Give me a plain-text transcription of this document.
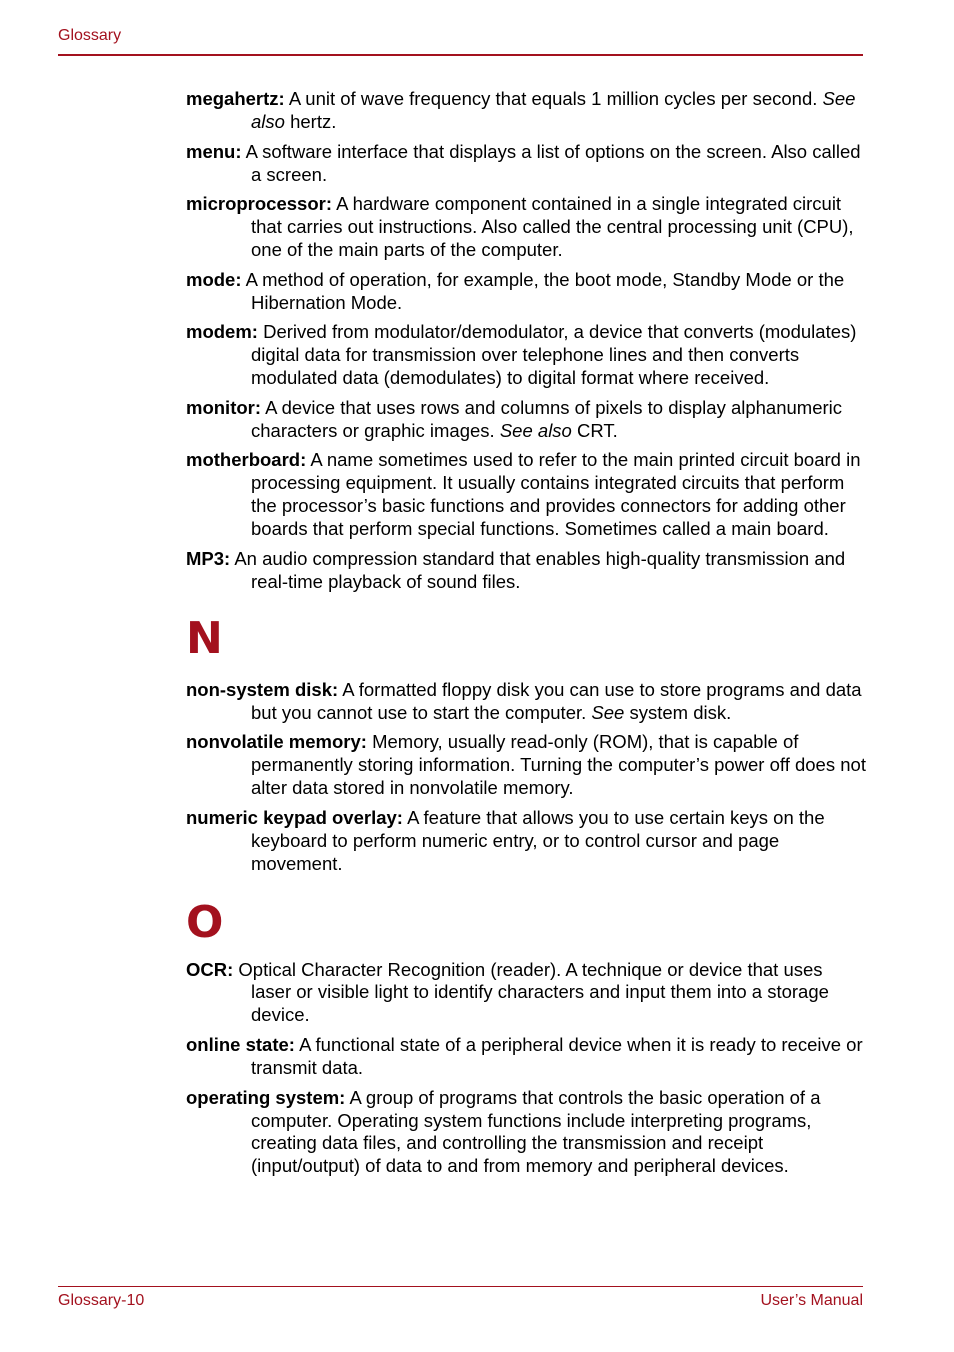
Glossary
megahertz: A unit of wave frequency that equals 1 million cycles per second. See also hertz.
menu: A software interface that displays a list of options on the screen. Also called a screen.
microprocessor: A hardware component contained in a single integrated circuit that carries out instructions. Also called the central processing unit (CPU), one of the main parts of the computer.
mode: A method of operation, for example, the boot mode, Standby Mode or the Hibernation Mode.
modem: Derived from modulator/demodulator, a device that converts (modulates) digital data for transmission over telephone lines and then converts modulated data (demodulates) to digital format where received.
monitor: A device that uses rows and columns of pixels to display alphanumeric characters or graphic images. See also CRT.
motherboard: A name sometimes used to refer to the main printed circuit board in processing equipment. It usually contains integrated circuits that perform the processor’s basic functions and provides connectors for adding other boards that perform special functions. Sometimes called a main board.
MP3: An audio compression standard that enables high-quality transmission and real-time playback of sound files.
N
non-system disk: A formatted floppy disk you can use to store programs and data but you cannot use to start the computer. See system disk.
nonvolatile memory: Memory, usually read-only (ROM), that is capable of permanently storing information. Turning the computer’s power off does not alter data stored in nonvolatile memory.
numeric keypad overlay: A feature that allows you to use certain keys on the keyboard to perform numeric entry, or to control cursor and page movement.
O
OCR: Optical Character Recognition (reader). A technique or device that uses laser or visible light to identify characters and input them into a storage device.
online state: A functional state of a peripheral device when it is ready to receive or transmit data.
operating system: A group of programs that controls the basic operation of a computer. Operating system functions include interpreting programs, creating data files, and controlling the transmission and receipt (input/output) of data to and from memory and peripheral devices.
Glossary-10	User’s Manual
